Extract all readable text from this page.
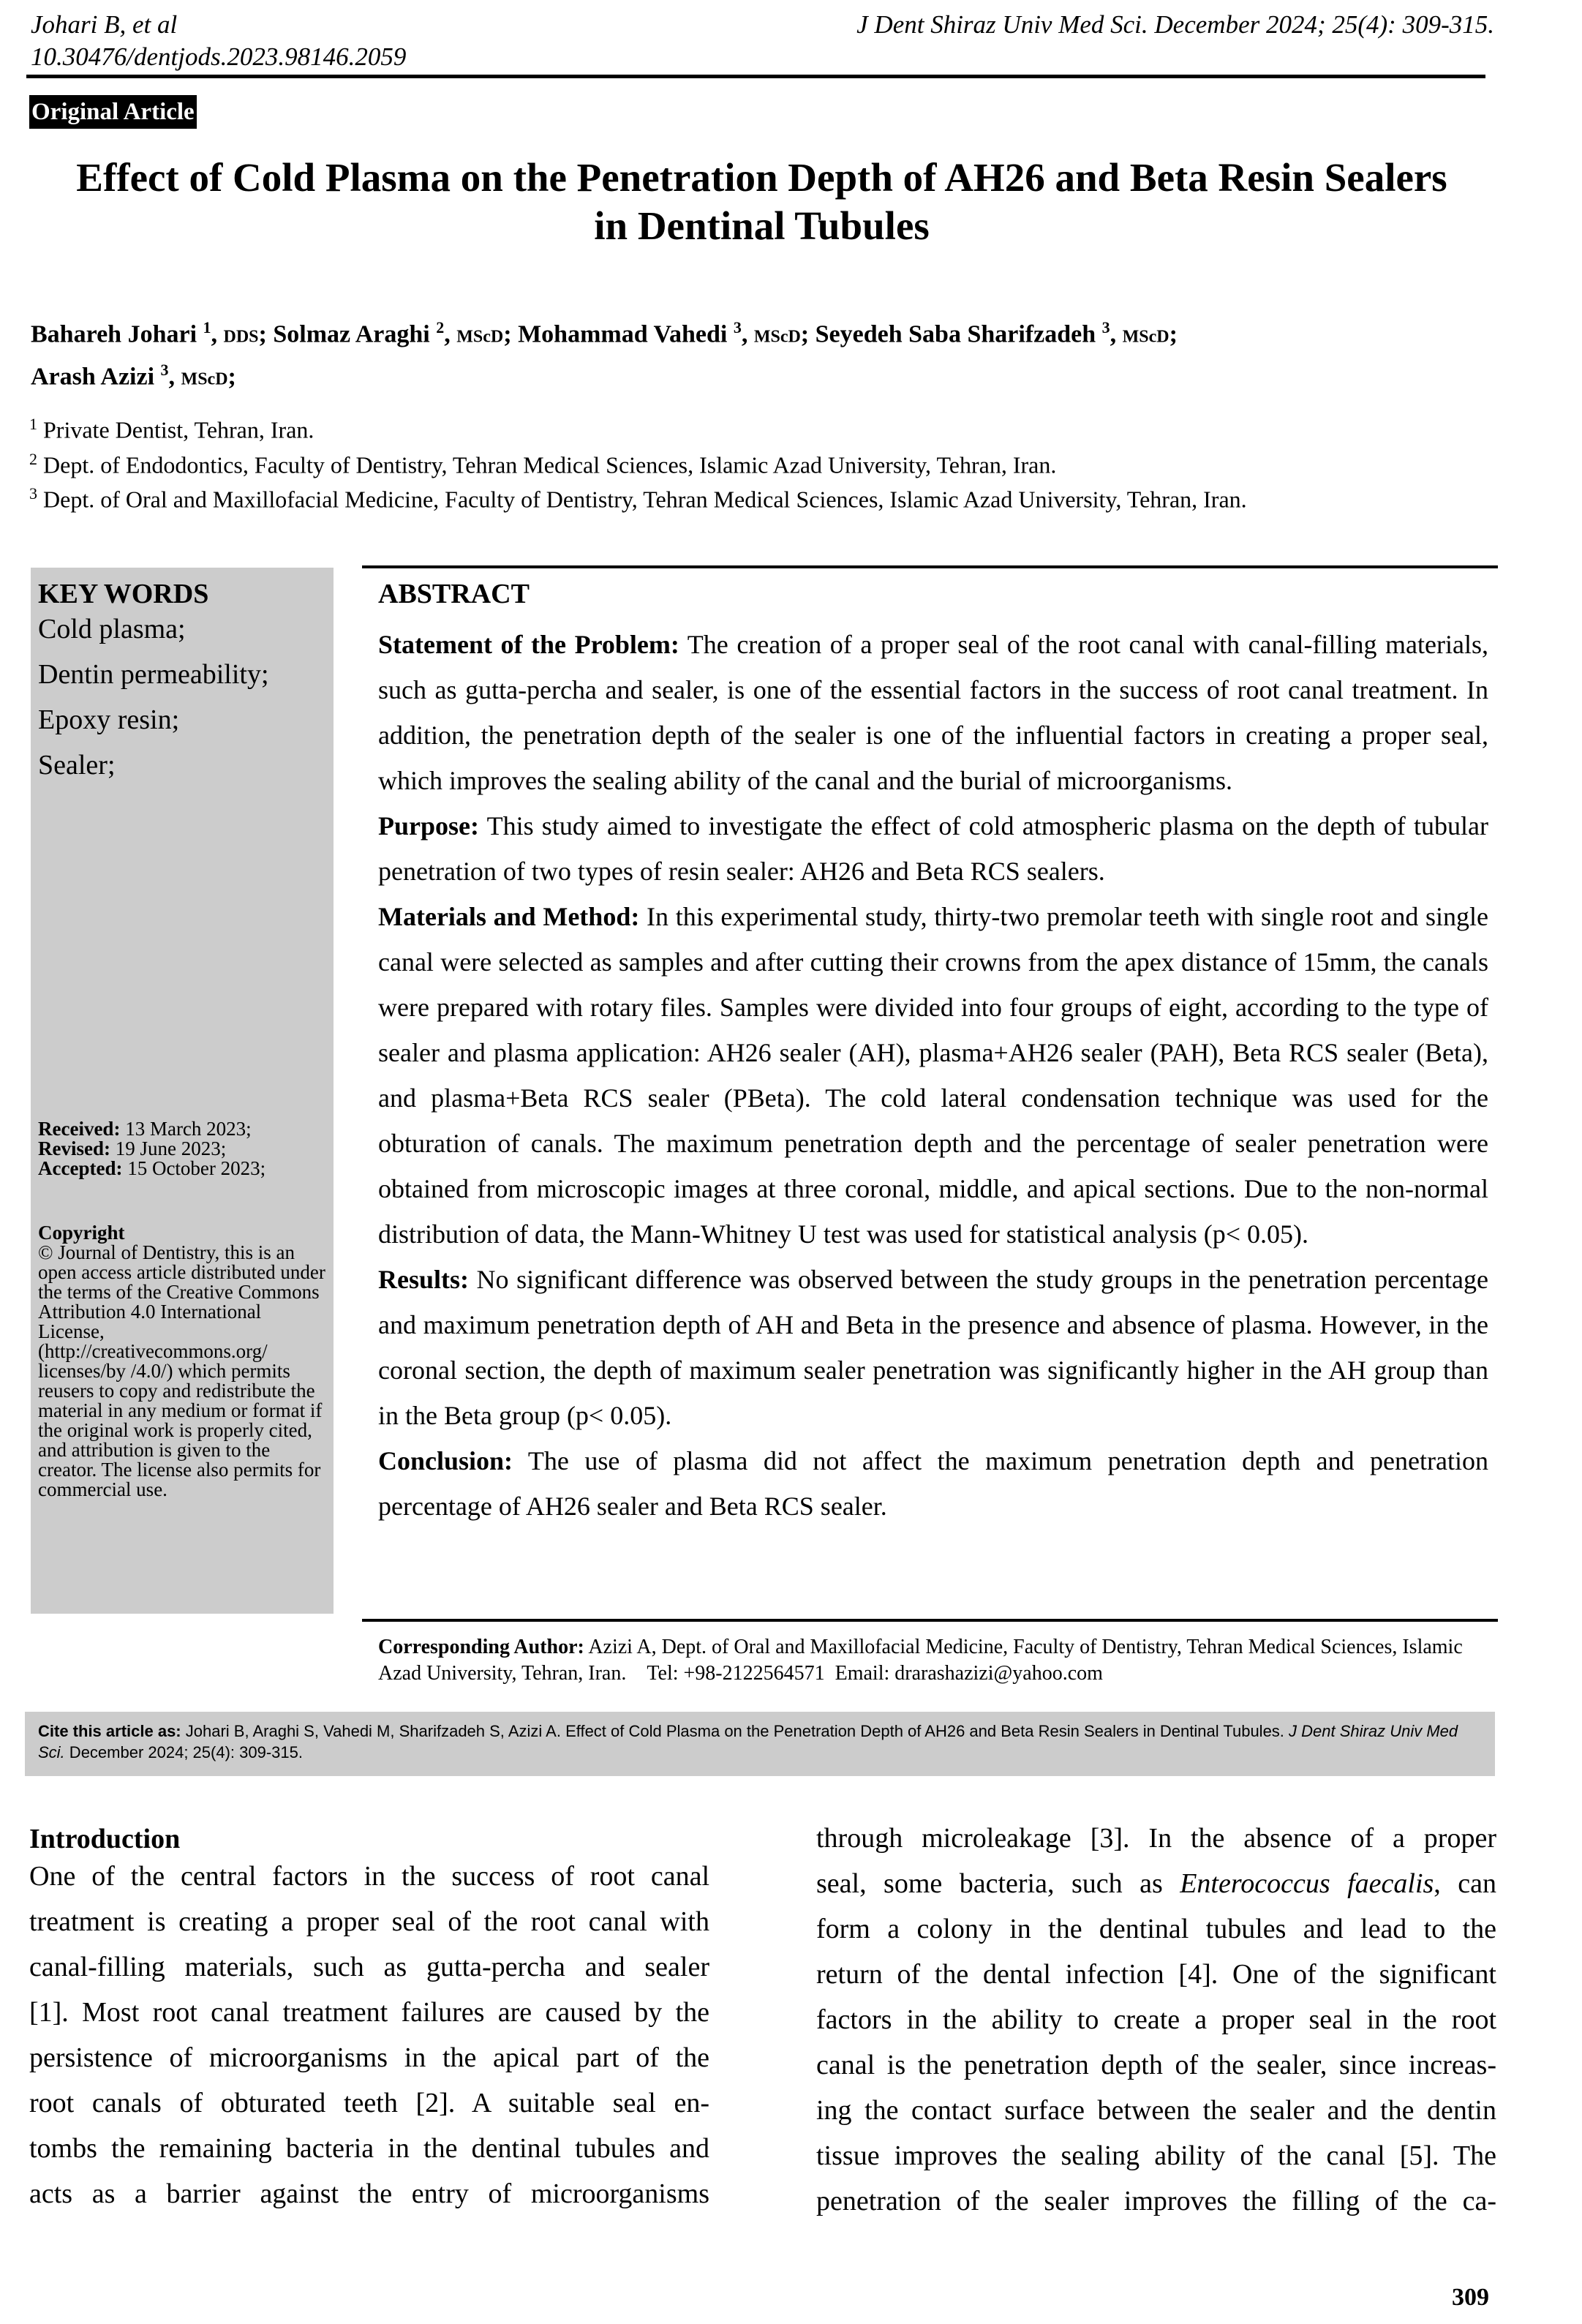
Johari B, et al
10.30476/dentjods.2023.98146.2059
J Dent Shiraz Univ Med Sci. December 2024; 25(4): 309-315.
Original Article
Effect of Cold Plasma on the Penetration Depth of AH26 and Beta Resin Sealers
in Dentinal Tubules
Bahareh Johari $^1$, DDS; Solmaz Araghi $^2$, MScD; Mohammad Vahedi $^3$, MScD; Seyedeh Saba Sharifzadeh $^3$, MScD;
Arash Azizi $^3$, MScD;
$^1$ Private Dentist, Tehran, Iran.
$^2$ Dept. of Endodontics, Faculty of Dentistry, Tehran Medical Sciences, Islamic Azad University, Tehran, Iran.
$^3$ Dept. of Oral and Maxillofacial Medicine, Faculty of Dentistry, Tehran Medical Sciences, Islamic Azad University, Tehran, Iran.
KEY WORDS
Cold plasma;
Dentin permeability;
Epoxy resin;
Sealer;
Received: 13 March 2023;
Revised: 19 June 2023;
Accepted: 15 October 2023;
Copyright
© Journal of Dentistry, this is an open access article distributed under the terms of the Creative Commons Attribution 4.0 International License, (http://creativecommons.org/ licenses/by /4.0/) which permits reusers to copy and redistribute the material in any medium or format if the original work is properly cited, and attribution is given to the creator. The license also permits for commercial use.
ABSTRACT

Statement of the Problem: The creation of a proper seal of the root canal with canal-filling materials, such as gutta-percha and sealer, is one of the essential factors in the success of root canal treatment. In addition, the penetration depth of the sealer is one of the influential factors in creating a proper seal, which improves the sealing ability of the canal and the burial of microorganisms.

Purpose: This study aimed to investigate the effect of cold atmospheric plasma on the depth of tubular penetration of two types of resin sealer: AH26 and Beta RCS sealers.

Materials and Method: In this experimental study, thirty-two premolar teeth with single root and single canal were selected as samples and after cutting their crowns from the apex distance of 15mm, the canals were prepared with rotary files. Samples were divided into four groups of eight, according to the type of sealer and plasma application: AH26 sealer (AH), plasma+AH26 sealer (PAH), Beta RCS sealer (Beta), and plasma+Beta RCS sealer (PBeta). The cold lateral condensation technique was used for the obturation of canals. The maximum penetration depth and the percentage of sealer penetration were obtained from microscopic images at three coronal, middle, and apical sections. Due to the non-normal distribution of data, the Mann-Whitney U test was used for statistical analysis (p< 0.05).

Results: No significant difference was observed between the study groups in the penetration percentage and maximum penetration depth of AH and Beta in the presence and absence of plasma. However, in the coronal section, the depth of maximum sealer penetration was significantly higher in the AH group than in the Beta group (p< 0.05).

Conclusion: The use of plasma did not affect the maximum penetration depth and penetration percentage of AH26 sealer and Beta RCS sealer.

Corresponding Author: Azizi A, Dept. of Oral and Maxillofacial Medicine, Faculty of Dentistry, Tehran Medical Sciences, Islamic Azad University, Tehran, Iran. Tel: +98-2122564571 Email: drarashazizi@yahoo.com
Cite this article as: Johari B, Araghi S, Vahedi M, Sharifzadeh S, Azizi A. Effect of Cold Plasma on the Penetration Depth of AH26 and Beta Resin Sealers in Dentinal Tubules. J Dent Shiraz Univ Med Sci. December 2024; 25(4): 309-315.
Introduction
One of the central factors in the success of root canal
treatment is creating a proper seal of the root canal with
canal-filling materials, such as gutta-percha and sealer
[1]. Most root canal treatment failures are caused by the
persistence of microorganisms in the apical part of the
root canals of obturated teeth [2]. A suitable seal en-
tombs the remaining bacteria in the dentinal tubules and
acts as a barrier against the entry of microorganisms
through microleakage [3]. In the absence of a proper
seal, some bacteria, such as Enterococcus faecalis, can
form a colony in the dentinal tubules and lead to the
return of the dental infection [4]. One of the significant
factors in the ability to create a proper seal in the root
canal is the penetration depth of the sealer, since increas-
ing the contact surface between the sealer and the dentin
tissue improves the sealing ability of the canal [5]. The
penetration of the sealer improves the filling of the ca-
309
